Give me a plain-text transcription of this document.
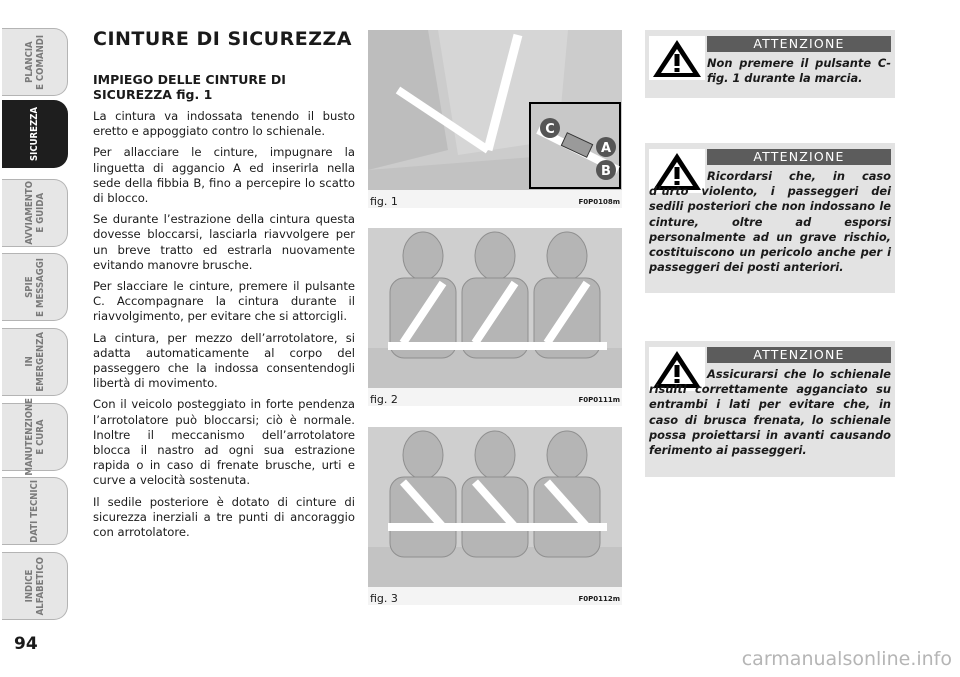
PLANCIA
E COMANDI
SICUREZZA
AVVIAMENTO
E GUIDA
SPIE
E MESSAGGI
IN
EMERGENZA
MANUTENZIONE
E CURA
DATI TECNICI
INDICE
ALFABETICO
94
carmanualsonline.info
CINTURE DI SICUREZZA
IMPIEGO DELLE CINTURE DI SICUREZZA fig. 1

La cintura va indossata tenendo il busto eretto e appoggiato contro lo schienale.

Per allacciare le cinture, impugnare la linguetta di aggancio A ed inserirla nella sede della fibbia B, fino a percepire lo scatto di blocco.

Se durante l’estrazione della cintura questa dovesse bloccarsi, lasciarla riavvolgere per un breve tratto ed estrarla nuovamente evitando manovre brusche.

Per slacciare le cinture, premere il pulsante C. Accompagnare la cintura durante il riavvolgimento, per evitare che si attorcigli.

La cintura, per mezzo dell’arrotolatore, si adatta automaticamente al corpo del passeggero che la indossa consentendogli libertà di movimento.

Con il veicolo posteggiato in forte pendenza l’arrotolatore può bloccarsi; ciò è normale. Inoltre il meccanismo dell’arrotolatore blocca il nastro ad ogni sua estrazione rapida o in caso di frenate brusche, urti e curve a velocità sostenuta.

Il sedile posteriore è dotato di cinture di sicurezza inerziali a tre punti di ancoraggio con arrotolatore.

C
A
B
fig. 1	F0P0108m
fig. 2	F0P0111m
fig. 3	F0P0112m
ATTENZIONE

Non premere il pulsante C- fig. 1 durante la marcia.

ATTENZIONE

Ricordarsi che, in caso d’urto violento, i passeggeri dei sedili posteriori che non indossano le cinture, oltre ad esporsi personalmente ad un grave rischio, costituiscono un pericolo anche per i passeggeri dei posti anteriori.

ATTENZIONE

Assicurarsi che lo schienale risulti correttamente agganciato su entrambi i lati per evitare che, in caso di brusca frenata, lo schienale possa proiettarsi in avanti causando ferimento ai passeggeri.
